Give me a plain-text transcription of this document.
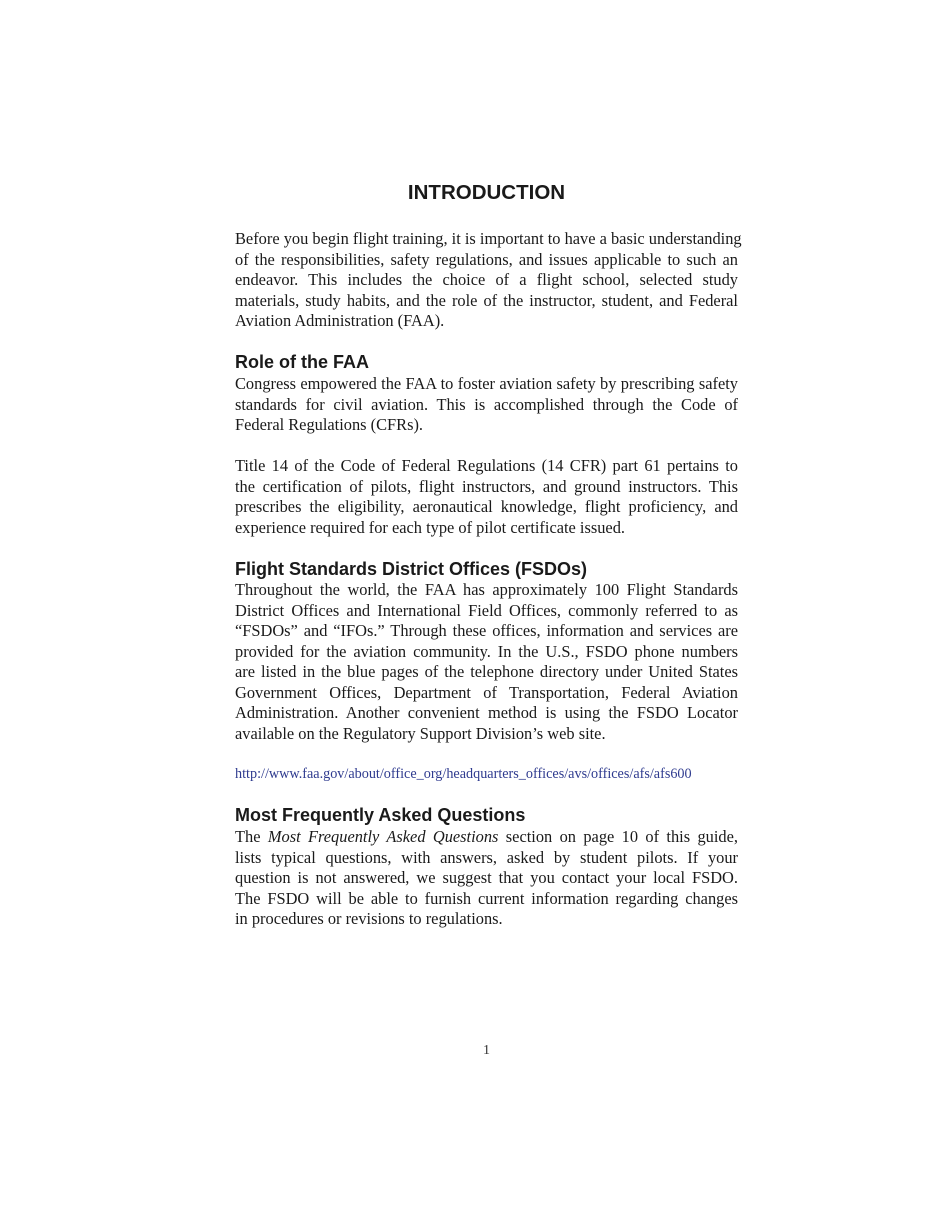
INTRODUCTION

Before you begin flight training, it is important to have a basic understanding
of the responsibilities, safety regulations, and issues applicable to such an
endeavor. This includes the choice of a flight school, selected study
materials, study habits, and the role of the instructor, student, and Federal
Aviation Administration (FAA).

Role of the FAA

Congress empowered the FAA to foster aviation safety by prescribing safety
standards for civil aviation. This is accomplished through the Code of
Federal Regulations (CFRs).

Title 14 of the Code of Federal Regulations (14 CFR) part 61 pertains to
the certification of pilots, flight instructors, and ground instructors. This
prescribes the eligibility, aeronautical knowledge, flight proficiency, and
experience required for each type of pilot certificate issued.

Flight Standards District Offices (FSDOs)

Throughout the world, the FAA has approximately 100 Flight Standards
District Offices and International Field Offices, commonly referred to as
“FSDOs” and “IFOs.” Through these offices, information and services are
provided for the aviation community. In the U.S., FSDO phone numbers
are listed in the blue pages of the telephone directory under United States
Government Offices, Department of Transportation, Federal Aviation
Administration. Another convenient method is using the FSDO Locator
available on the Regulatory Support Division’s web site.

http://www.faa.gov/about/office_org/headquarters_offices/avs/offices/afs/afs600
Most Frequently Asked Questions

The Most Frequently Asked Questions section on page 10 of this guide,
lists typical questions, with answers, asked by student pilots. If your
question is not answered, we suggest that you contact your local FSDO.
The FSDO will be able to furnish current information regarding changes
in procedures or revisions to regulations.

1
